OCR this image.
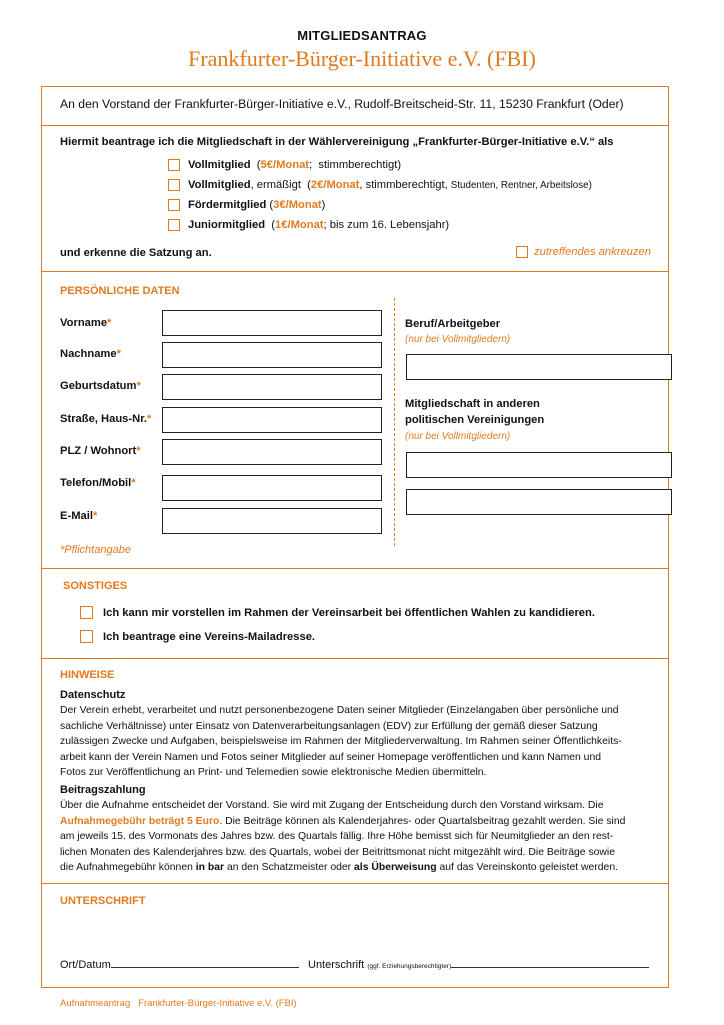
MITGLIEDSANTRAG
Frankfurter-Bürger-Initiative e.V. (FBI)
An den Vorstand der Frankfurter-Bürger-Initiative e.V., Rudolf-Breitscheid-Str. 11, 15230 Frankfurt (Oder)
Hiermit beantrage ich die Mitgliedschaft in der Wählervereinigung „Frankfurter-Bürger-Initiative e.V.“ als
Vollmitglied ( 5€/Monat ; stimmberechtigt)
Vollmitglied , ermäßigt ( 2€/Monat , stimmberechtigt,
Studenten, Rentner, Arbeitslose)
Fördermitglied ( 3€/Monat )
Juniormitglied ( 1€/Monat ; bis zum 16. Lebensjahr)
und erkenne die Satzung an.	zutreffendes ankreuzen
PERSÖNLICHE DATEN
Vorname*
Nachname*
Geburtsdatum*
Straße, Haus-Nr.*
PLZ / Wohnort*
Telefon/Mobil*
E-Mail*
Beruf/Arbeitgeber
(nur bei Vollmitgliedern)
Mitgliedschaft in anderen
politischen Vereinigungen
(nur bei Vollmitgliedern)
*Pflichtangabe
SONSTIGES
Ich kann mir vorstellen im Rahmen der Vereinsarbeit bei öffentlichen Wahlen zu kandidieren.
Ich beantrage eine Vereins-Mailadresse.
HINWEISE
Datenschutz
Der Verein erhebt, verarbeitet und nutzt personenbezogene Daten seiner Mitglieder (Einzelangaben über persönliche und
sachliche Verhältnisse) unter Einsatz von Datenverarbeitungsanlagen (EDV) zur Erfüllung der gemäß dieser Satzung
zulässigen Zwecke und Aufgaben, beispielsweise im Rahmen der Mitgliederverwaltung. Im Rahmen seiner Öffentlichkeits-
arbeit kann der Verein Namen und Fotos seiner Mitglieder auf seiner Homepage veröffentlichen und kann Namen und
Fotos zur Veröffentlichung an Print- und Telemedien sowie elektronische Medien übermitteln.
Beitragszahlung
Über die Aufnahme entscheidet der Vorstand. Sie wird mit Zugang der Entscheidung durch den Vorstand wirksam. Die
Aufnahmegebühr beträgt 5 Euro. Die Beiträge können als Kalenderjahres- oder Quartalsbeitrag gezahlt werden. Sie sind
am jeweils 15. des Vormonats des Jahres bzw. des Quartals fällig. Ihre Höhe bemisst sich für Neumitglieder an den rest-
lichen Monaten des Kalenderjahres bzw. des Quartals, wobei der Beitrittsmonat nicht mitgezählt wird. Die Beiträge sowie
die Aufnahmegebühr können in bar an den Schatzmeister oder als Überweisung auf das Vereinskonto geleistet werden.
UNTERSCHRIFT
Ort/Datum	Unterschrift (ggf. Erziehungsberechtigter)
Aufnahmeantrag   Frankfurter-Bürger-Initiative e.V. (FBI)
